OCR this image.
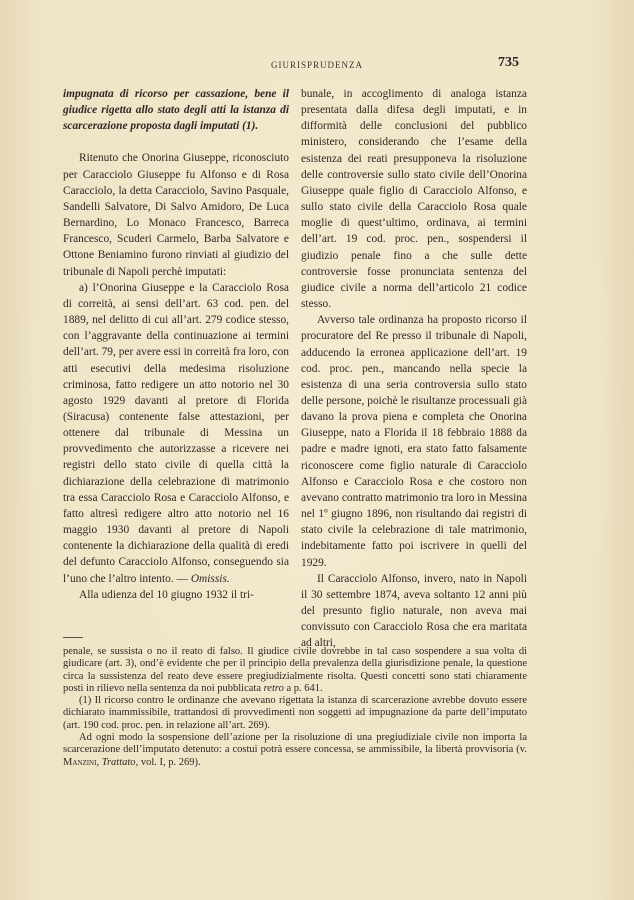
GIURISPRUDENZA	735

impugnata di ricorso per cassazione, bene il giudice rigetta allo stato degli atti la istanza di scarcerazione proposta dagli imputati (1).

Ritenuto che Onorina Giuseppe, riconosciuto per Caracciolo Giuseppe fu Alfonso e di Rosa Caracciolo, la detta Caracciolo, Savino Pasquale, Sandelli Salvatore, Di Salvo Amidoro, De Luca Bernardino, Lo Monaco Francesco, Barreca Francesco, Scuderi Carmelo, Barba Salvatore e Ottone Beniamino furono rinviati al giudizio del tribunale di Napoli perchè imputati:

a) l’Onorina Giuseppe e la Caracciolo Rosa di correità, ai sensi dell’art. 63 cod. pen. del 1889, nel delitto di cui all’art. 279 codice stesso, con l’aggravante della continuazione ai termini dell’art. 79, per avere essi in correità fra loro, con atti esecutivi della medesima risoluzione criminosa, fatto redigere un atto notorio nel 30 agosto 1929 davanti al pretore di Florida (Siracusa) contenente false attestazioni, per ottenere dal tribunale di Messina un provvedimento che autorizzasse a ricevere nei registri dello stato civile di quella città la dichiarazione della celebrazione di matrimonio tra essa Caracciolo Rosa e Caracciolo Alfonso, e fatto altresì redigere altro atto notorio nel 16 maggio 1930 davanti al pretore di Napoli contenente la dichiarazione della qualità di eredi del defunto Caracciolo Alfonso, conseguendo sia l’uno che l’altro intento. — Omissis.

Alla udienza del 10 giugno 1932 il tri-

bunale, in accoglimento di analoga istanza presentata dalla difesa degli imputati, e in difformità delle conclusioni del pubblico ministero, considerando che l’esame della esistenza dei reati presupponeva la risoluzione delle controversie sullo stato civile dell’Onorina Giuseppe quale figlio di Caracciolo Alfonso, e sullo stato civile della Caracciolo Rosa quale moglie di quest’ultimo, ordinava, ai termini dell’art. 19 cod. proc. pen., sospendersi il giudizio penale fino a che sulle dette controversie fosse pronunciata sentenza del giudice civile a norma dell’articolo 21 codice stesso.

Avverso tale ordinanza ha proposto ricorso il procuratore del Re presso il tribunale di Napoli, adducendo la erronea applicazione dell’art. 19 cod. proc. pen., mancando nella specie la esistenza di una seria controversia sullo stato delle persone, poichè le risultanze processuali già davano la prova piena e completa che Onorina Giuseppe, nato a Florida il 18 febbraio 1888 da padre e madre ignoti, era stato fatto falsamente riconoscere come figlio naturale di Caracciolo Alfonso e Caracciolo Rosa e che costoro non avevano contratto matrimonio tra loro in Messina nel 1º giugno 1896, non risultando dai registri di stato civile la celebrazione di tale matrimonio, indebitamente fatto poi iscrivere in quelli del 1929.

Il Caracciolo Alfonso, invero, nato in Napoli il 30 settembre 1874, aveva soltanto 12 anni più del presunto figlio naturale, non aveva mai convissuto con Caracciolo Rosa che era maritata ad altri,

penale, se sussista o no il reato di falso. Il giudice civile dovrebbe in tal caso sospendere a sua volta di giudicare (art. 3), ond’è evidente che per il principio della prevalenza della giurisdizione penale, la questione circa la sussistenza del reato deve essere pregiudizialmente risolta. Questi concetti sono stati chiaramente posti in rilievo nella sentenza da noi pubblicata retro a p. 641.

(1) Il ricorso contro le ordinanze che avevano rigettata la istanza di scarcerazione avrebbe dovuto essere dichiarato inammissibile, trattandosi di provvedimenti non soggetti ad impugnazione da parte dell’imputato (art. 190 cod. proc. pen. in relazione all’art. 269).

Ad ogni modo la sospensione dell’azione per la risoluzione di una pregiudiziale civile non importa la scarcerazione dell’imputato detenuto: a costui potrà essere concessa, se ammissibile, la libertà provvisoria (v. Manzini, Trattato, vol. I, p. 269).
